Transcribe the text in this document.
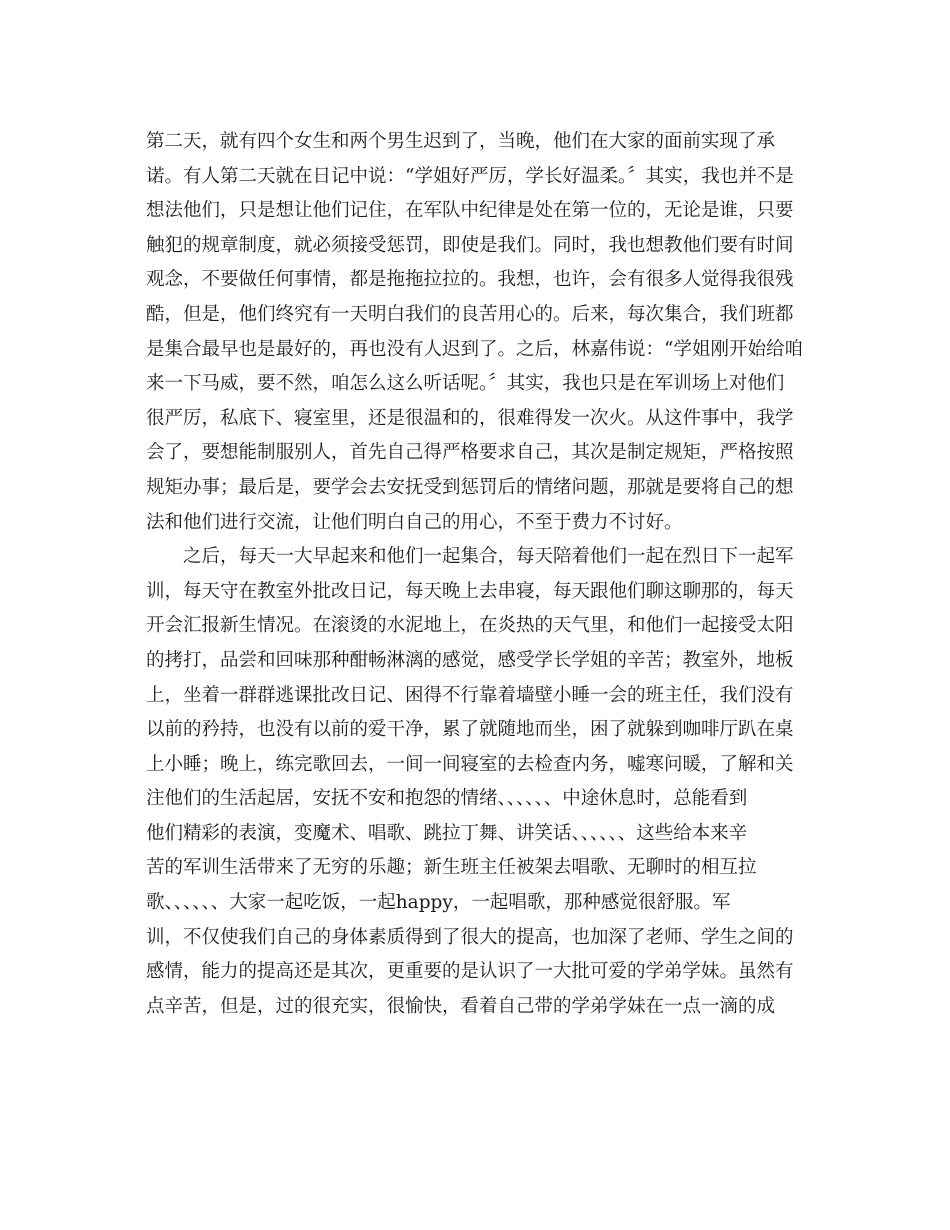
第二天，就有四个女生和两个男生迟到了，当晚，他们在大家的面前实现了承
诺。有人第二天就在日记中说：“学姐好严厉，学长好温柔。〞其实，我也并不是
想法他们，只是想让他们记住，在军队中纪律是处在第一位的，无论是谁，只要
触犯的规章制度，就必须接受惩罚，即使是我们。同时，我也想教他们要有时间
观念，不要做任何事情，都是拖拖拉拉的。我想，也许，会有很多人觉得我很残
酷，但是，他们终究有一天明白我们的良苦用心的。后来，每次集合，我们班都
是集合最早也是最好的，再也没有人迟到了。之后，林嘉伟说：“学姐刚开始给咱
来一下马威，要不然，咱怎么这么听话呢。〞其实，我也只是在军训场上对他们
很严厉，私底下、寝室里，还是很温和的，很难得发一次火。从这件事中，我学
会了，要想能制服别人，首先自己得严格要求自己，其次是制定规矩，严格按照
规矩办事；最后是，要学会去安抚受到惩罚后的情绪问题，那就是要将自己的想
法和他们进行交流，让他们明白自己的用心，不至于费力不讨好。
之后，每天一大早起来和他们一起集合，每天陪着他们一起在烈日下一起军
训，每天守在教室外批改日记，每天晚上去串寝，每天跟他们聊这聊那的，每天
开会汇报新生情况。在滚烫的水泥地上，在炎热的天气里，和他们一起接受太阳
的拷打，品尝和回味那种酣畅淋漓的感觉，感受学长学姐的辛苦；教室外，地板
上，坐着一群群逃课批改日记、困得不行靠着墙壁小睡一会的班主任，我们没有
以前的矜持，也没有以前的爱干净，累了就随地而坐，困了就躲到咖啡厅趴在桌
上小睡；晚上，练完歌回去，一间一间寝室的去检查内务，嘘寒问暖，了解和关
注他们的生活起居，安抚不安和抱怨的情绪、、、、、、中途休息时，总能看到
他们精彩的表演，变魔术、唱歌、跳拉丁舞、讲笑话、、、、、、这些给本来辛
苦的军训生活带来了无穷的乐趣；新生班主任被架去唱歌、无聊时的相互拉
歌、、、、、、大家一起吃饭，一起happy，一起唱歌，那种感觉很舒服。军
训，不仅使我们自己的身体素质得到了很大的提高，也加深了老师、学生之间的
感情，能力的提高还是其次，更重要的是认识了一大批可爱的学弟学妹。虽然有
点辛苦，但是，过的很充实，很愉快，看着自己带的学弟学妹在一点一滴的成
